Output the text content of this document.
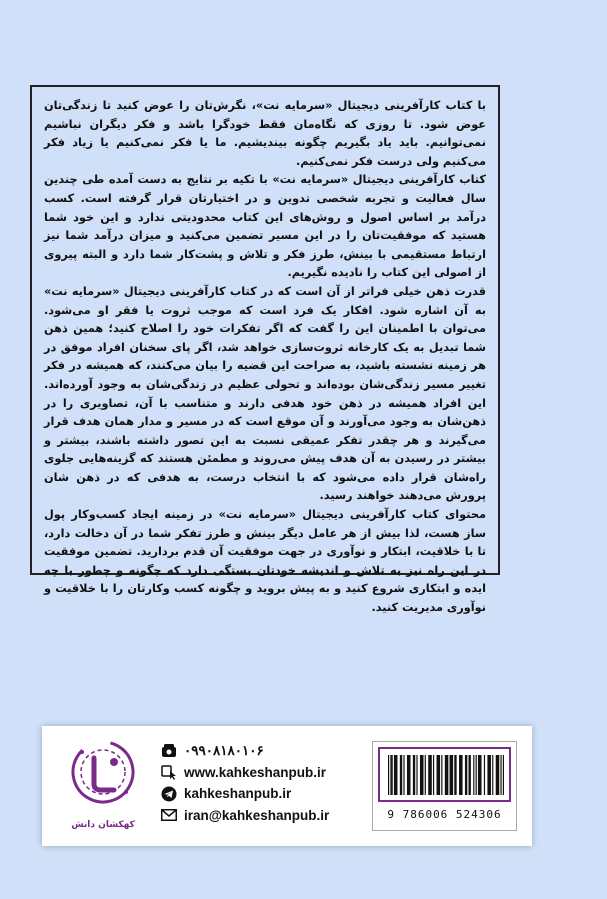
با کتاب کارآفرینی دیجیتال «سرمایه نت»، نگرش‌تان را عوض کنید تا زندگی‌تان عوض شود. تا روزی که نگاه‌مان فقط خودگرا باشد و فکر دیگران نباشیم نمی‌توانیم. باید یاد بگیریم چگونه بیندیشیم. ما یا فکر نمی‌کنیم یا زیاد فکر می‌کنیم ولی درست فکر نمی‌کنیم.

کتاب کارآفرینی دیجیتال «سرمایه نت» با تکیه بر نتایج به دست آمده طی چندین سال فعالیت و تجربه شخصی تدوین و در اختیارتان قرار گرفته است. کسب درآمد بر اساس اصول و روش‌های این کتاب محدودیتی ندارد و این خود شما هستید که موفقیت‌تان را در این مسیر تضمین می‌کنید و میزان درآمد شما نیز ارتباط مستقیمی با بینش، طرز فکر و تلاش و پشت‌کار شما دارد و البته پیروی از اصولی این کتاب را نادیده نگیریم.

قدرت ذهن خیلی فراتر از آن است که در کتاب کارآفرینی دیجیتال «سرمایه نت» به آن اشاره شود. افکار یک فرد است که موجب ثروت یا فقر او می‌شود. می‌توان با اطمینان این را گفت که اگر تفکرات خود را اصلاح کنید؛ همین ذهن شما تبدیل به یک کارخانه ثروت‌سازی خواهد شد، اگر پای سخنان افراد موفق در هر زمینه نشسته باشید، به صراحت این قضیه را بیان می‌کنند، که همیشه در فکر تغییر مسیر زندگی‌شان بوده‌اند و تحولی عظیم در زندگی‌شان به وجود آورده‌اند. این افراد همیشه در ذهن خود هدفی دارند و متناسب با آن، تصاویری را در ذهن‌شان به وجود می‌آورند و آن موقع است که در مسیر و مدار همان هدف قرار می‌گیرند و هر چقدر تفکر عمیقی نسبت به این تصور داشته باشند، بیشتر و بیشتر در رسیدن به آن هدف پیش می‌روند و مطمئن هستند که گزینه‌هایی جلوی راه‌شان قرار داده می‌شود که با انتخاب درست، به هدفی که در ذهن شان پرورش می‌دهند خواهند رسید.

محتوای کتاب کارآفرینی دیجیتال «سرمایه نت» در زمینه ایجاد کسب‌وکار پول ساز هست، لذا بیش از هر عامل دیگر بینش و طرز تفکر شما در آن دخالت دارد، تا با خلاقیت، ابتکار و نوآوری در جهت موفقیت آن قدم بردارید. تضمین موفقیت در این راه نیز به تلاش و اندیشه خودتان بستگی دارد که چگونه و چطور با چه ایده و ابتکاری شروع کنید و به پیش بروید و چگونه کسب وکارتان را با خلاقیت و نوآوری مدیریت کنید.

کهکشان دانش
۰۹۹۰۸۱۸۰۱۰۶
www.kahkeshanpub.ir
kahkeshanpub.ir
iran@kahkeshanpub.ir	9 786006 524306
